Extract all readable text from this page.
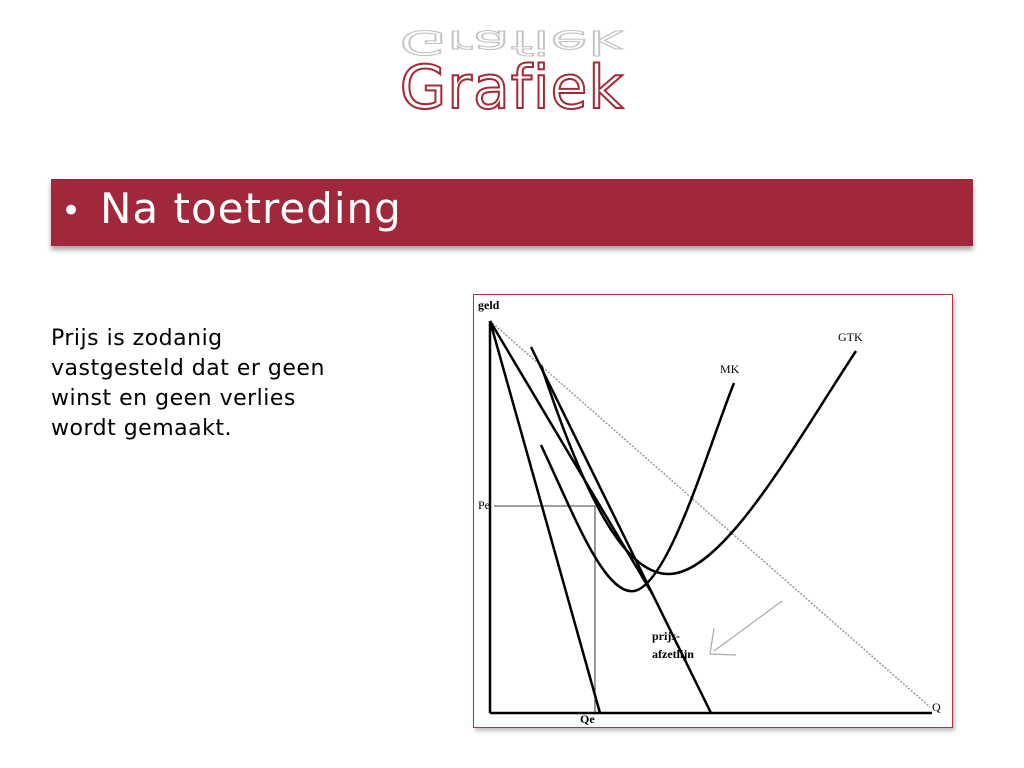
Grafiek
Grafiek
• Na toetreding
Prijs is zodanig
vastgesteld dat er geen
winst en geen verlies
wordt gemaakt.
geld
Pe
Qe
Q
GTK
MK
prijs-
afzetlijn
